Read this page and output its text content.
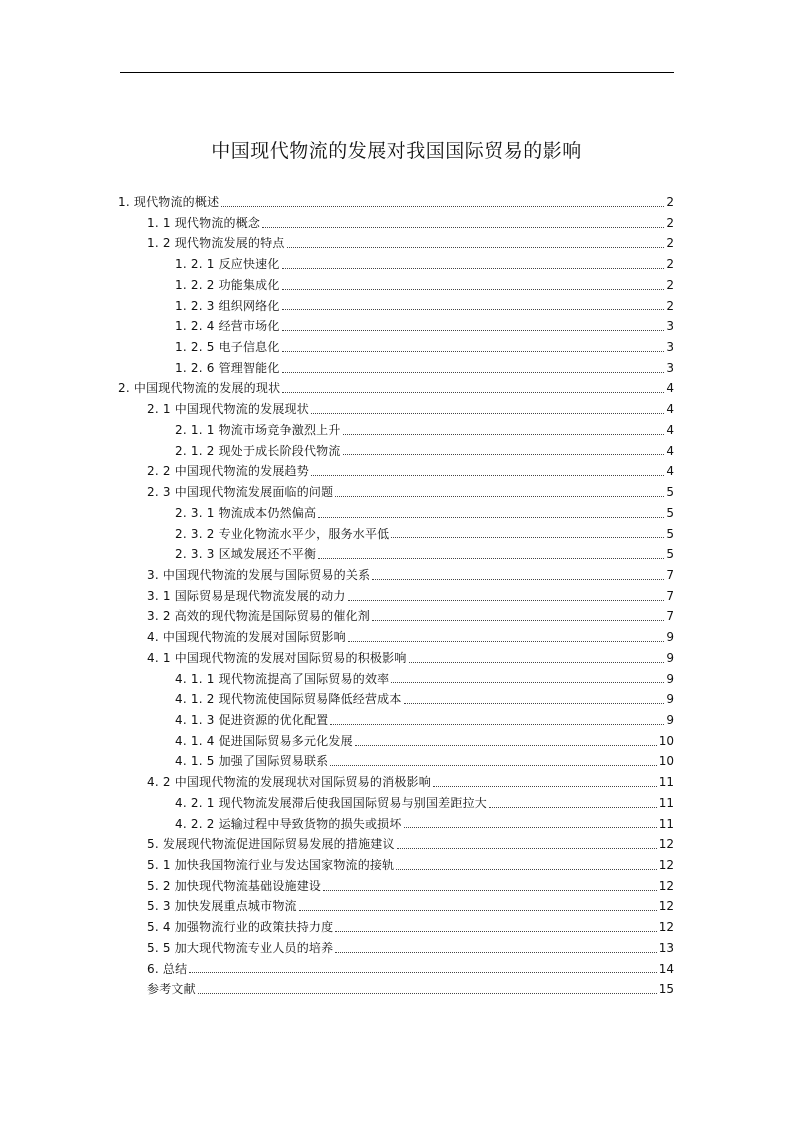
中国现代物流的发展对我国国际贸易的影响
1. 现代物流的概述	2
1. 1 现代物流的概念	2
1. 2 现代物流发展的特点	2
1. 2. 1 反应快速化	2
1. 2. 2 功能集成化	2
1. 2. 3 组织网络化	2
1. 2. 4 经营市场化	3
1. 2. 5 电子信息化	3
1. 2. 6 管理智能化	3
2. 中国现代物流的发展的现状	4
2. 1 中国现代物流的发展现状	4
2. 1. 1 物流市场竞争激烈上升	4
2. 1. 2 现处于成长阶段代物流	4
2. 2 中国现代物流的发展趋势	4
2. 3 中国现代物流发展面临的问题	5
2. 3. 1 物流成本仍然偏高	5
2. 3. 2 专业化物流水平少，服务水平低	5
2. 3. 3 区域发展还不平衡	5
3. 中国现代物流的发展与国际贸易的关系	7
3. 1 国际贸易是现代物流发展的动力	7
3. 2 高效的现代物流是国际贸易的催化剂	7
4. 中国现代物流的发展对国际贸影响	9
4. 1 中国现代物流的发展对国际贸易的积极影响	9
4. 1. 1 现代物流提高了国际贸易的效率	9
4. 1. 2 现代物流使国际贸易降低经营成本	9
4. 1. 3 促进资源的优化配置	9
4. 1. 4 促进国际贸易多元化发展	10
4. 1. 5 加强了国际贸易联系	10
4. 2 中国现代物流的发展现状对国际贸易的消极影响	11
4. 2. 1 现代物流发展滞后使我国国际贸易与别国差距拉大	11
4. 2. 2 运输过程中导致货物的损失或损坏	11
5. 发展现代物流促进国际贸易发展的措施建议	12
5. 1 加快我国物流行业与发达国家物流的接轨	12
5. 2 加快现代物流基础设施建设	12
5. 3 加快发展重点城市物流	12
5. 4 加强物流行业的政策扶持力度	12
5. 5 加大现代物流专业人员的培养	13
6. 总结	14
参考文献	15
